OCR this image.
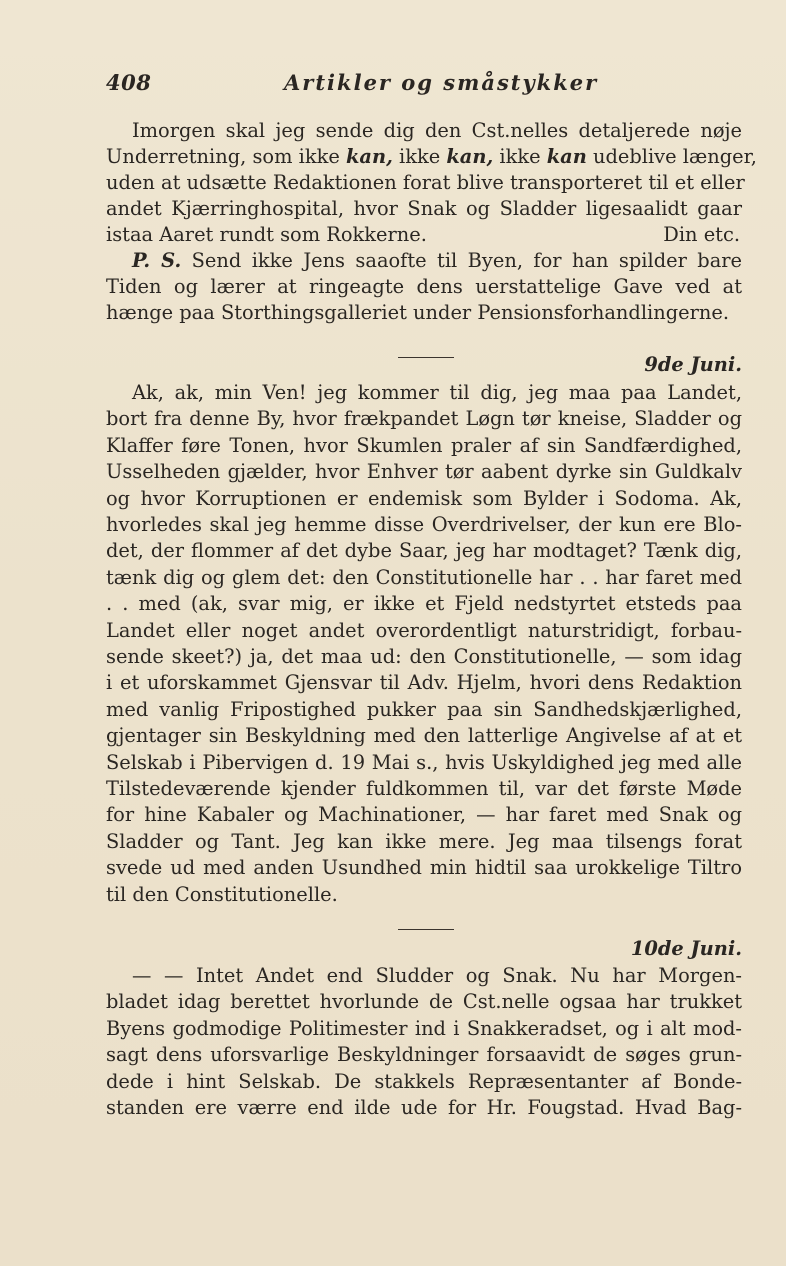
408	Artikler og småstykker
Imorgen skal jeg sende dig den Cst.nelles detaljerede nøje
Underretning, som ikke kan, ikke kan, ikke kan udeblive længer,
uden at udsætte Redaktionen forat blive transporteret til et eller
andet Kjærringhospital, hvor Snak og Sladder ligesaalidt gaar
istaa Aaret rundt som Rokkerne.	Din etc.
P. S. Send ikke Jens saaofte til Byen, for han spilder bare
Tiden og lærer at ringeagte dens uerstattelige Gave ved at
hænge paa Storthingsgalleriet under Pensionsforhandlingerne.
9de Juni.
Ak, ak, min Ven! jeg kommer til dig, jeg maa paa Landet,
bort fra denne By, hvor frækpandet Løgn tør kneise, Sladder og
Klaffer føre Tonen, hvor Skumlen praler af sin Sandfærdighed,
Usselheden gjælder, hvor Enhver tør aabent dyrke sin Guldkalv
og hvor Korruptionen er endemisk som Bylder i Sodoma. Ak,
hvorledes skal jeg hemme disse Overdrivelser, der kun ere Blo-
det, der flommer af det dybe Saar, jeg har modtaget? Tænk dig,
tænk dig og glem det: den Constitutionelle har . . har faret med
. . med (ak, svar mig, er ikke et Fjeld nedstyrtet etsteds paa
Landet eller noget andet overordentligt naturstridigt, forbau-
sende skeet?) ja, det maa ud: den Constitutionelle, — som idag
i et uforskammet Gjensvar til Adv. Hjelm, hvori dens Redaktion
med vanlig Fripostighed pukker paa sin Sandhedskjærlighed,
gjentager sin Beskyldning med den latterlige Angivelse af at et
Selskab i Pibervigen d. 19 Mai s., hvis Uskyldighed jeg med alle
Tilstedeværende kjender fuldkommen til, var det første Møde
for hine Kabaler og Machinationer, — har faret med Snak og
Sladder og Tant. Jeg kan ikke mere. Jeg maa tilsengs forat
svede ud med anden Usundhed min hidtil saa urokkelige Tiltro
til den Constitutionelle.
10de Juni.
— — Intet Andet end Sludder og Snak. Nu har Morgen-
bladet idag berettet hvorlunde de Cst.nelle ogsaa har trukket
Byens godmodige Politimester ind i Snakkeradset, og i alt mod-
sagt dens uforsvarlige Beskyldninger forsaavidt de søges grun-
dede i hint Selskab. De stakkels Repræsentanter af Bonde-
standen ere værre end ilde ude for Hr. Fougstad. Hvad Bag-
